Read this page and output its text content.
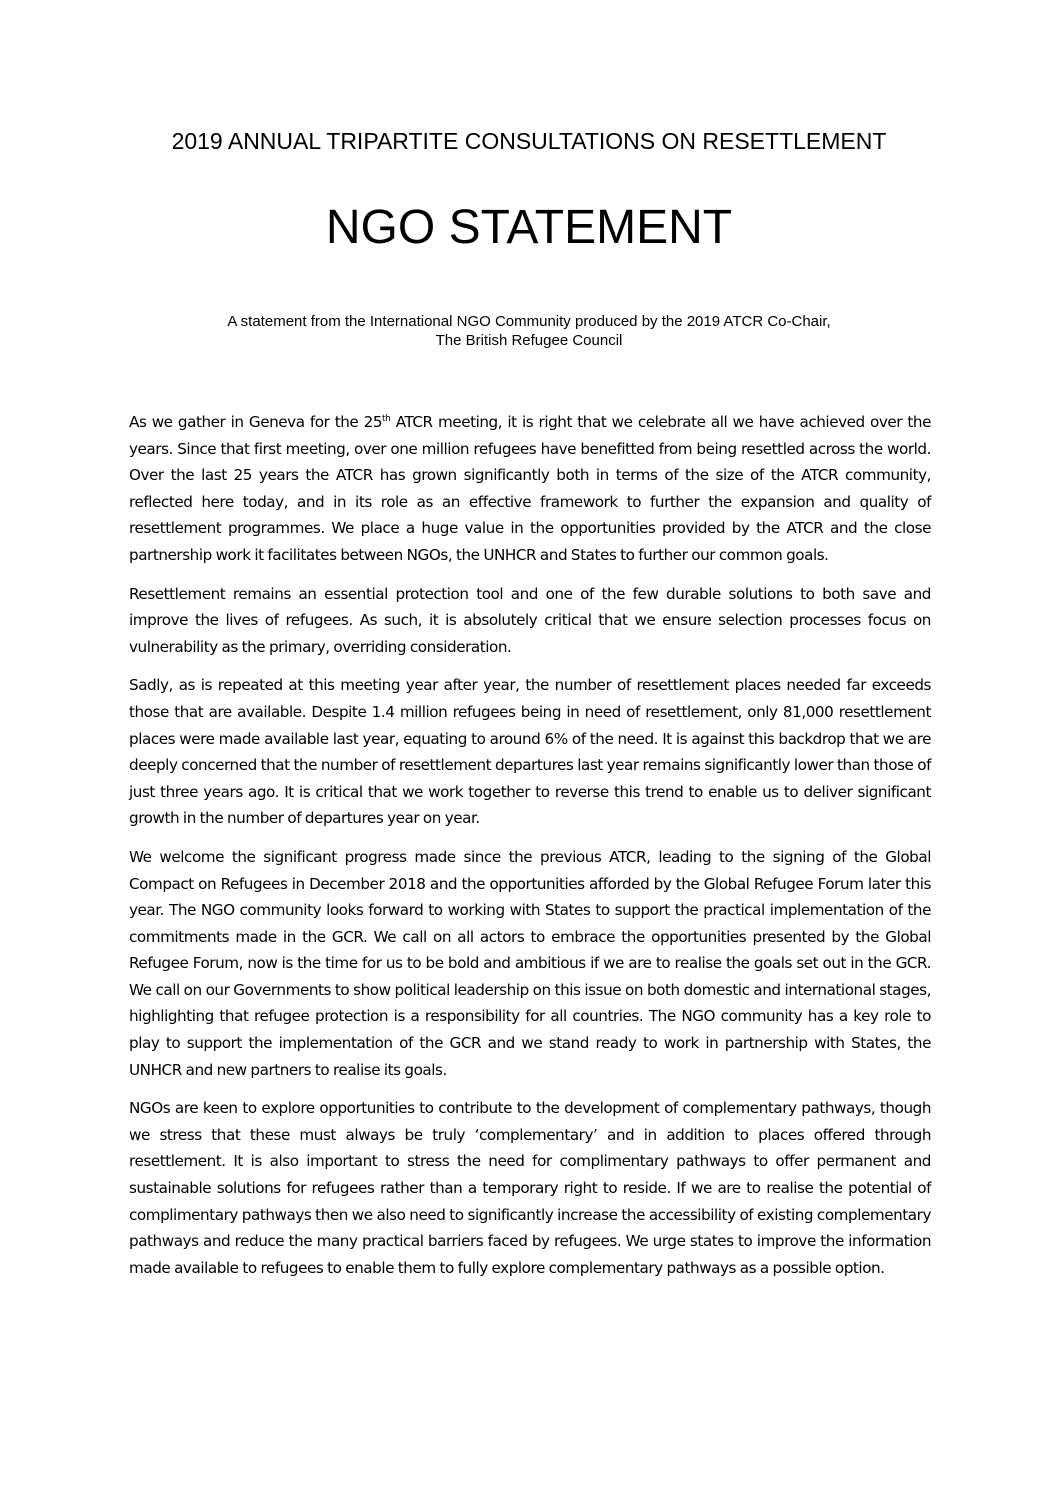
2019 ANNUAL TRIPARTITE CONSULTATIONS ON RESETTLEMENT
NGO STATEMENT
A statement from the International NGO Community produced by the 2019 ATCR Co-Chair,
The British Refugee Council

As we gather in Geneva for the 25th ATCR meeting, it is right that we celebrate all we have achieved over the years. Since that first meeting, over one million refugees have benefitted from being resettled across the world. Over the last 25 years the ATCR has grown significantly both in terms of the size of the ATCR community, reflected here today, and in its role as an effective framework to further the expansion and quality of resettlement programmes. We place a huge value in the opportunities provided by the ATCR and the close partnership work it facilitates between NGOs, the UNHCR and States to further our common goals.

Resettlement remains an essential protection tool and one of the few durable solutions to both save and improve the lives of refugees. As such, it is absolutely critical that we ensure selection processes focus on vulnerability as the primary, overriding consideration.

Sadly, as is repeated at this meeting year after year, the number of resettlement places needed far exceeds those that are available. Despite 1.4 million refugees being in need of resettlement, only 81,000 resettlement places were made available last year, equating to around 6% of the need. It is against this backdrop that we are deeply concerned that the number of resettlement departures last year remains significantly lower than those of just three years ago. It is critical that we work together to reverse this trend to enable us to deliver significant growth in the number of departures year on year.

We welcome the significant progress made since the previous ATCR, leading to the signing of the Global Compact on Refugees in December 2018 and the opportunities afforded by the Global Refugee Forum later this year. The NGO community looks forward to working with States to support the practical implementation of the commitments made in the GCR. We call on all actors to embrace the opportunities presented by the Global Refugee Forum, now is the time for us to be bold and ambitious if we are to realise the goals set out in the GCR. We call on our Governments to show political leadership on this issue on both domestic and international stages, highlighting that refugee protection is a responsibility for all countries. The NGO community has a key role to play to support the implementation of the GCR and we stand ready to work in partnership with States, the UNHCR and new partners to realise its goals.

NGOs are keen to explore opportunities to contribute to the development of complementary pathways, though we stress that these must always be truly ‘complementary’ and in addition to places offered through resettlement. It is also important to stress the need for complimentary pathways to offer permanent and sustainable solutions for refugees rather than a temporary right to reside. If we are to realise the potential of complimentary pathways then we also need to significantly increase the accessibility of existing complementary pathways and reduce the many practical barriers faced by refugees. We urge states to improve the information made available to refugees to enable them to fully explore complementary pathways as a possible option.
